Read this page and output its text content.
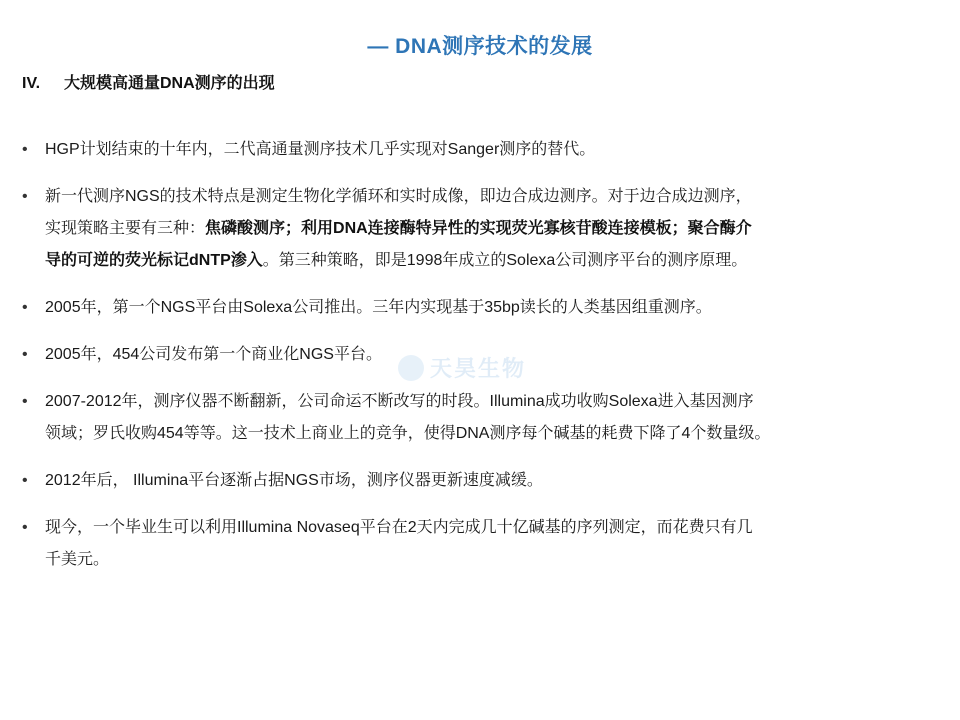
— DNA测序技术的发展
IV. 大规模高通量DNA测序的出现
天昊生物
• HGP计划结束的十年内，二代高通量测序技术几乎实现对Sanger测序的替代。
• 新一代测序NGS的技术特点是测定生物化学循环和实时成像，即边合成边测序。对于边合成边测序，
实现策略主要有三种：焦磷酸测序；利用DNA连接酶特异性的实现荧光寡核苷酸连接模板；聚合酶介
导的可逆的荧光标记dNTP渗入。第三种策略，即是1998年成立的Solexa公司测序平台的测序原理。
• 2005年，第一个NGS平台由Solexa公司推出。三年内实现基于35bp读长的人类基因组重测序。
• 2005年，454公司发布第一个商业化NGS平台。
• 2007-2012年，测序仪器不断翻新，公司命运不断改写的时段。Illumina成功收购Solexa进入基因测序
领域；罗氏收购454等等。这一技术上商业上的竞争，使得DNA测序每个碱基的耗费下降了4个数量级。
• 2012年后， Illumina平台逐渐占据NGS市场，测序仪器更新速度减缓。
• 现今，一个毕业生可以利用Illumina Novaseq平台在2天内完成几十亿碱基的序列测定，而花费只有几
千美元。
